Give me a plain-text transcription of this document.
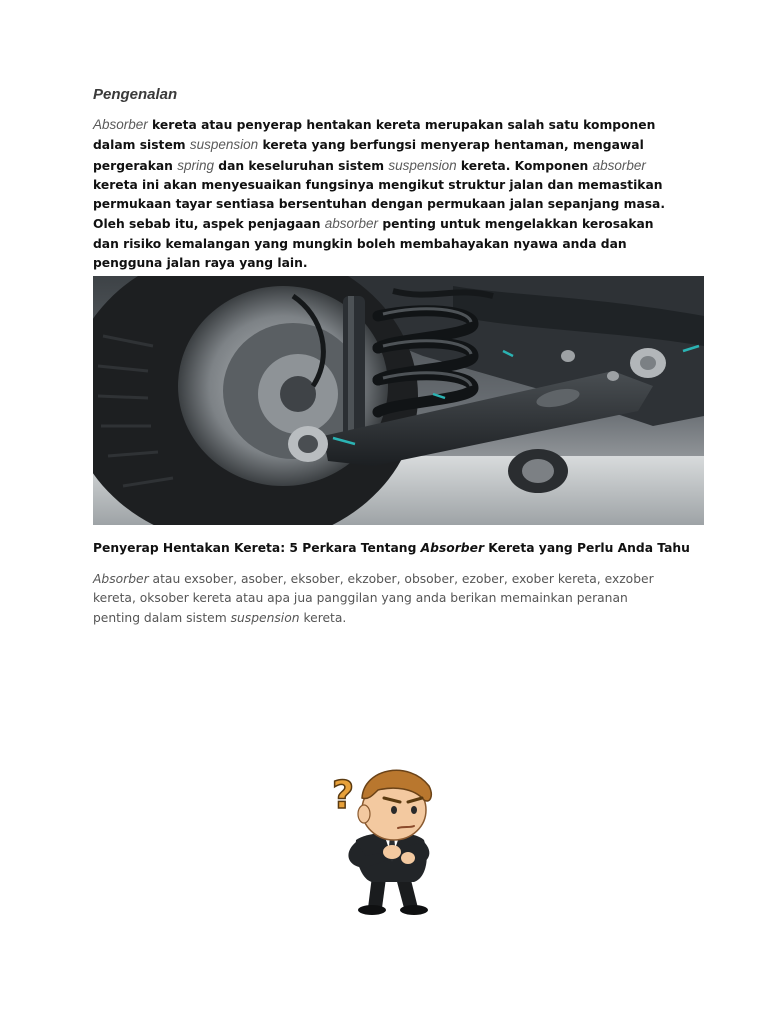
Pengenalan

Absorber kereta atau penyerap hentakan kereta merupakan salah satu komponen dalam sistem suspension kereta yang berfungsi menyerap hentaman, mengawal pergerakan spring dan keseluruhan sistem suspension kereta. Komponen absorber kereta ini akan menyesuaikan fungsinya mengikut struktur jalan dan memastikan permukaan tayar sentiasa bersentuhan dengan permukaan jalan sepanjang masa. Oleh sebab itu, aspek penjagaan absorber penting untuk mengelakkan kerosakan dan risiko kemalangan yang mungkin boleh membahayakan nyawa anda dan pengguna jalan raya yang lain.

Penyerap Hentakan Kereta: 5 Perkara Tentang Absorber Kereta yang Perlu Anda Tahu

Absorber atau exsober, asober, eksober, ekzober, obsober, ezober, exober kereta, exzober kereta, oksober kereta atau apa jua panggilan yang anda berikan memainkan peranan penting dalam sistem suspension kereta.

?
